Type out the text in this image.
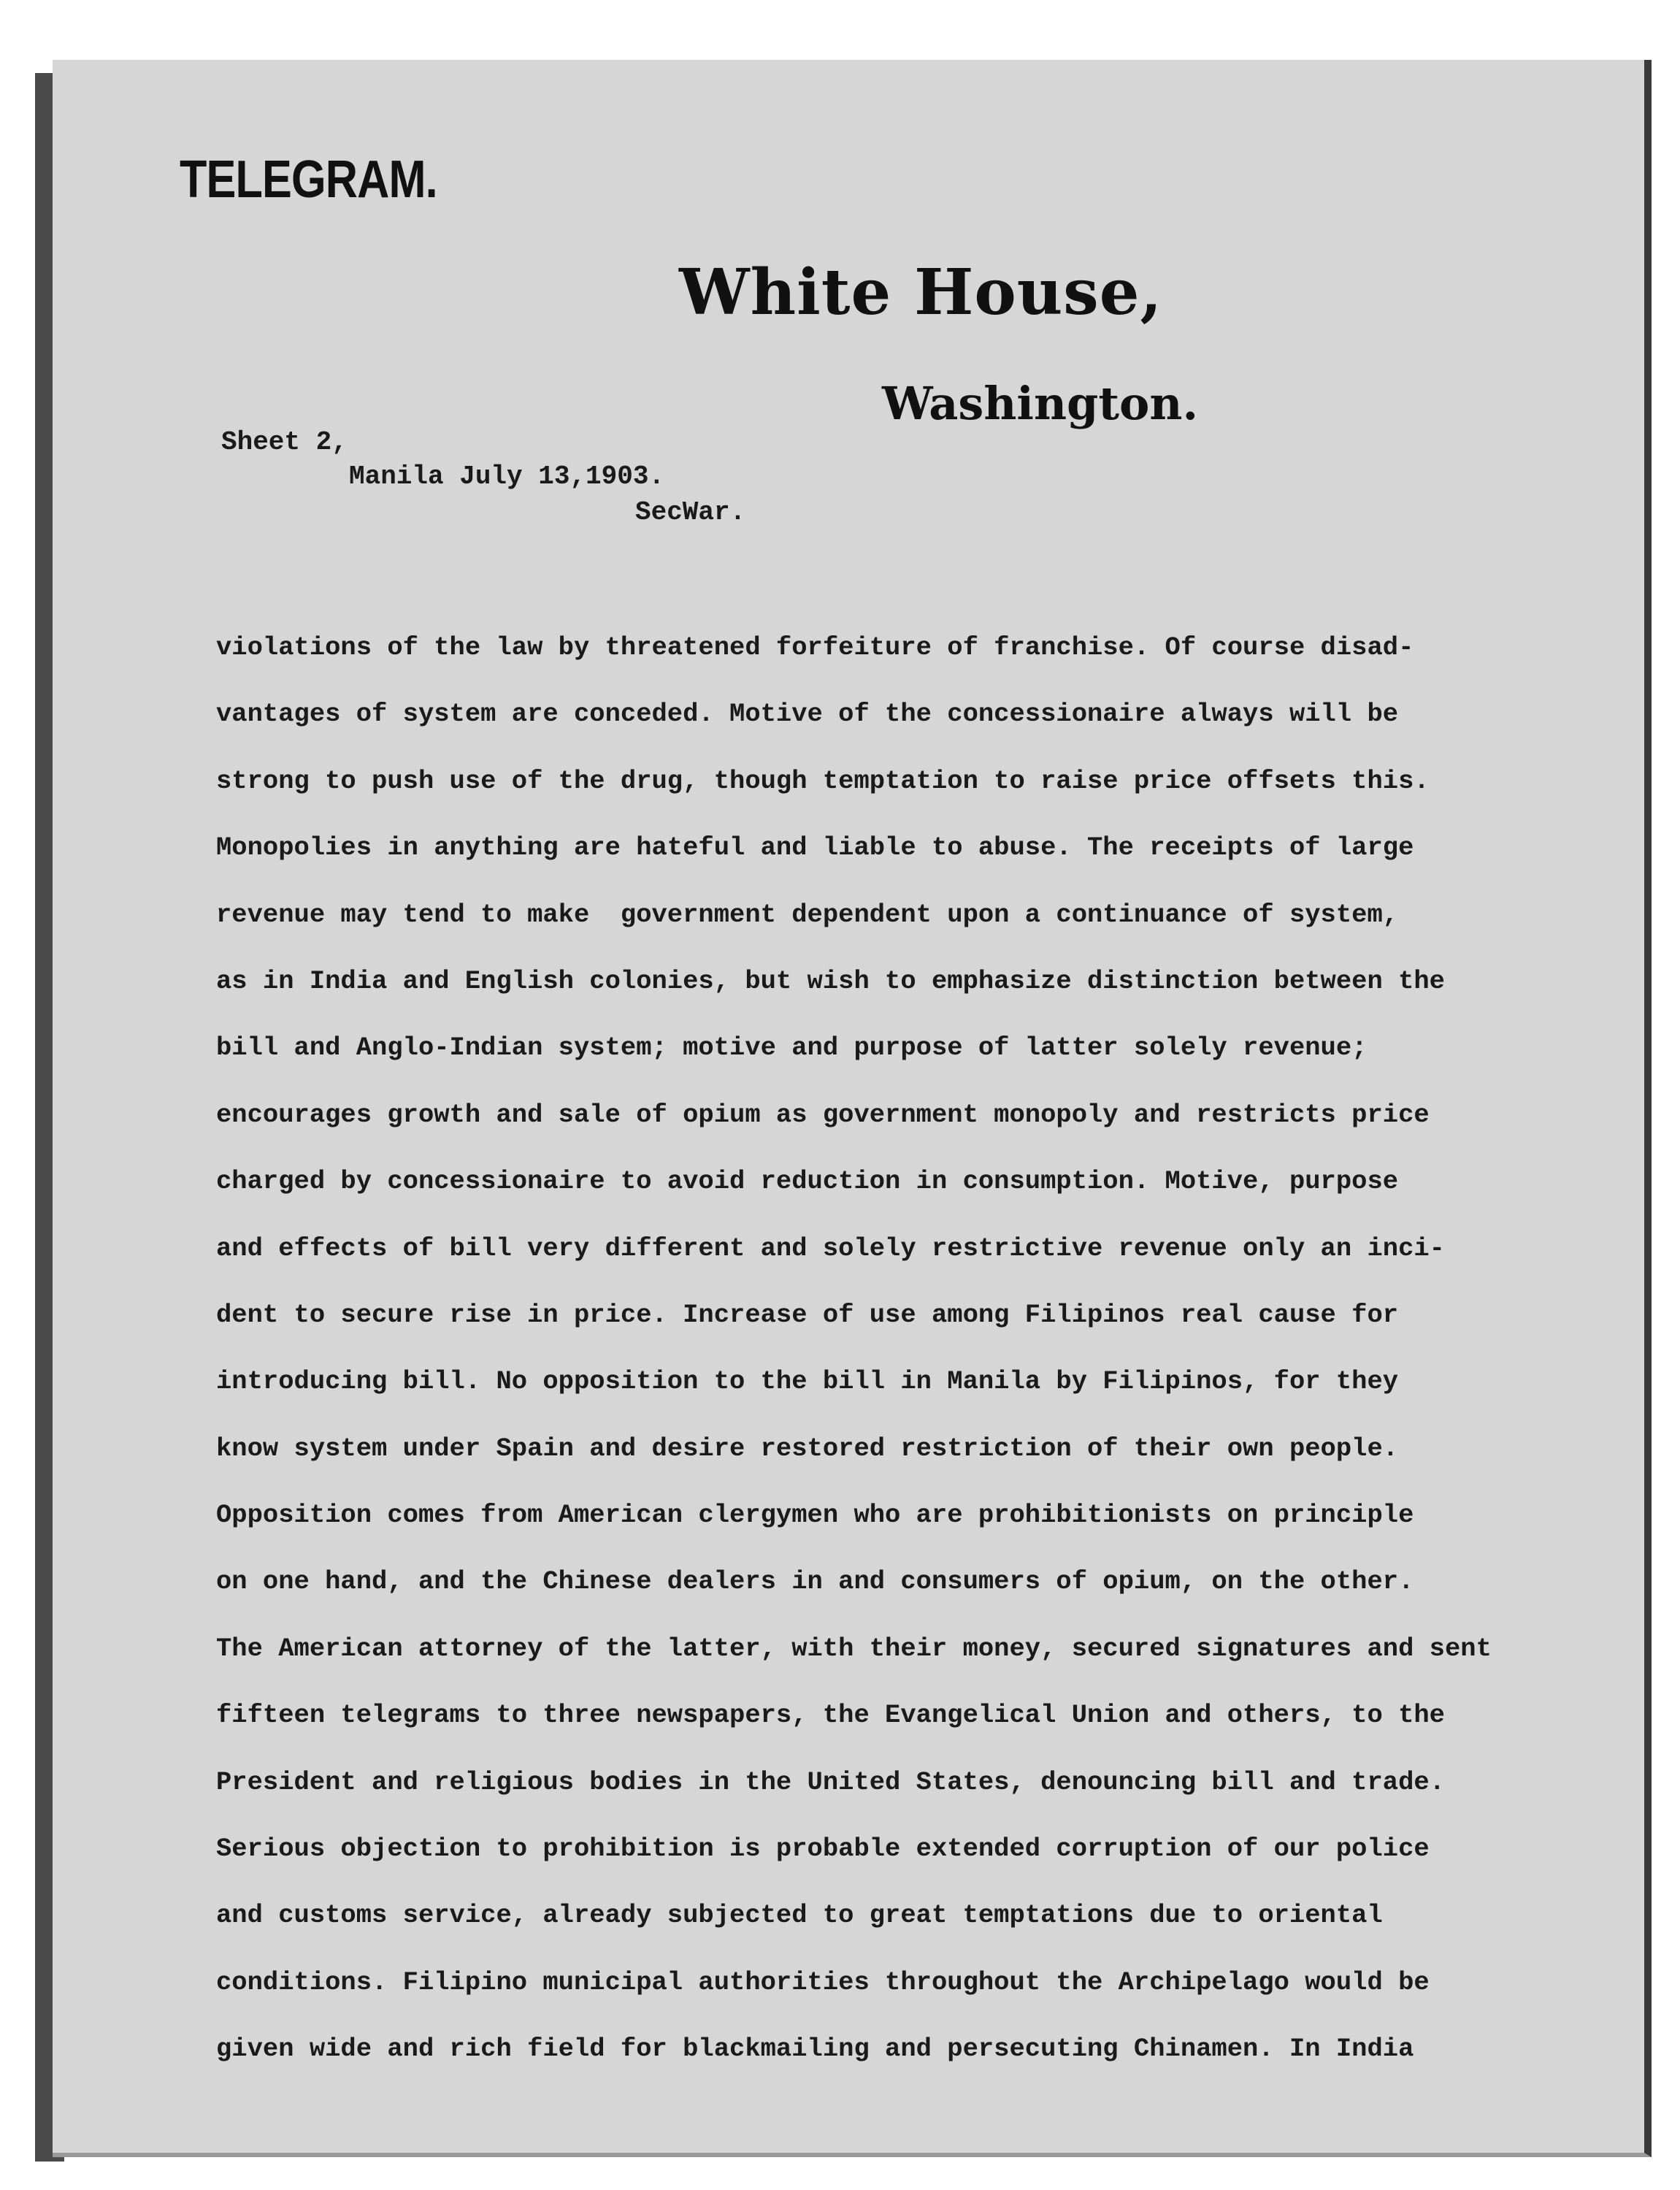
TELEGRAM.
White House,
Washington.
Sheet 2,
Manila July 13,1903.
SecWar.
violations of the law by threatened forfeiture of franchise. Of course disad-
vantages of system are conceded. Motive of the concessionaire always will be
strong to push use of the drug, though temptation to raise price offsets this.
Monopolies in anything are hateful and liable to abuse. The receipts of large
revenue may tend to make  government dependent upon a continuance of system,
as in India and English colonies, but wish to emphasize distinction between the
bill and Anglo-Indian system; motive and purpose of latter solely revenue;
encourages growth and sale of opium as government monopoly and restricts price
charged by concessionaire to avoid reduction in consumption. Motive, purpose
and effects of bill very different and solely restrictive revenue only an inci-
dent to secure rise in price. Increase of use among Filipinos real cause for
introducing bill. No opposition to the bill in Manila by Filipinos, for they
know system under Spain and desire restored restriction of their own people.
Opposition comes from American clergymen who are prohibitionists on principle
on one hand, and the Chinese dealers in and consumers of opium, on the other.
The American attorney of the latter, with their money, secured signatures and sent
fifteen telegrams to three newspapers, the Evangelical Union and others, to the
President and religious bodies in the United States, denouncing bill and trade.
Serious objection to prohibition is probable extended corruption of our police
and customs service, already subjected to great temptations due to oriental
conditions. Filipino municipal authorities throughout the Archipelago would be
given wide and rich field for blackmailing and persecuting Chinamen. In India
